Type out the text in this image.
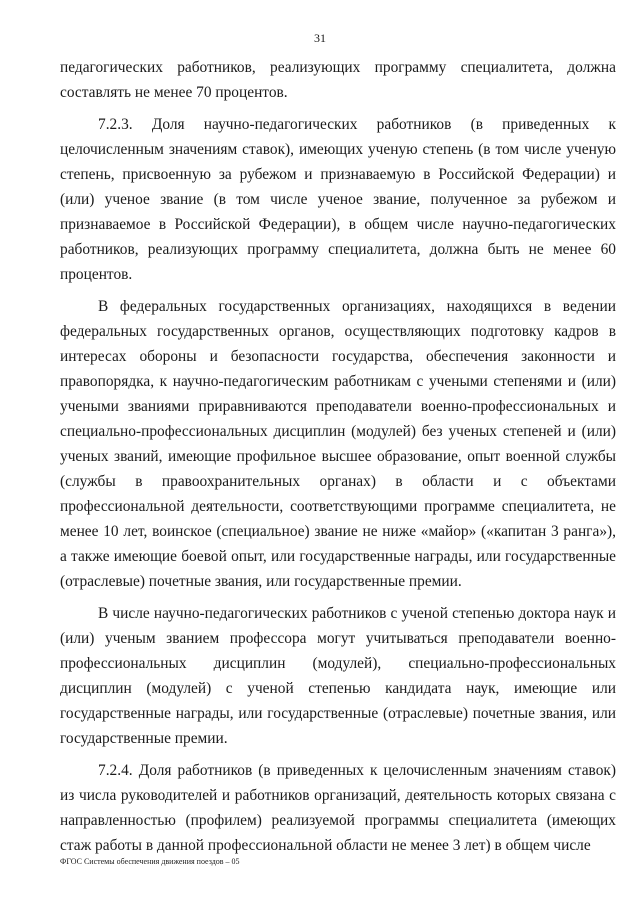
31

педагогических работников, реализующих программу специалитета, должна составлять не менее 70 процентов.

7.2.3. Доля научно-педагогических работников (в приведенных к целочисленным значениям ставок), имеющих ученую степень (в том числе ученую степень, присвоенную за рубежом и признаваемую в Российской Федерации) и (или) ученое звание (в том числе ученое звание, полученное за рубежом и признаваемое в Российской Федерации), в общем числе научно-педагогических работников, реализующих программу специалитета, должна быть не менее 60 процентов.

В федеральных государственных организациях, находящихся в ведении федеральных государственных органов, осуществляющих подготовку кадров в интересах обороны и безопасности государства, обеспечения законности и правопорядка, к научно-педагогическим работникам с учеными степенями и (или) учеными званиями приравниваются преподаватели военно-профессиональных и специально-профессиональных дисциплин (модулей) без ученых степеней и (или) ученых званий, имеющие профильное высшее образование, опыт военной службы (службы в правоохранительных органах) в области и с объектами профессиональной деятельности, соответствующими программе специалитета, не менее 10 лет, воинское (специальное) звание не ниже «майор» («капитан 3 ранга»), а также имеющие боевой опыт, или государственные награды, или государственные (отраслевые) почетные звания, или государственные премии.

В числе научно-педагогических работников с ученой степенью доктора наук и (или) ученым званием профессора могут учитываться преподаватели военно-профессиональных дисциплин (модулей), специально-профессиональных дисциплин (модулей) с ученой степенью кандидата наук, имеющие или государственные награды, или государственные (отраслевые) почетные звания, или государственные премии.

7.2.4. Доля работников (в приведенных к целочисленным значениям ставок) из числа руководителей и работников организаций, деятельность которых связана с направленностью (профилем) реализуемой программы специалитета (имеющих стаж работы в данной профессиональной области не менее 3 лет) в общем числе

ФГОС Системы обеспечения движения поездов – 05
